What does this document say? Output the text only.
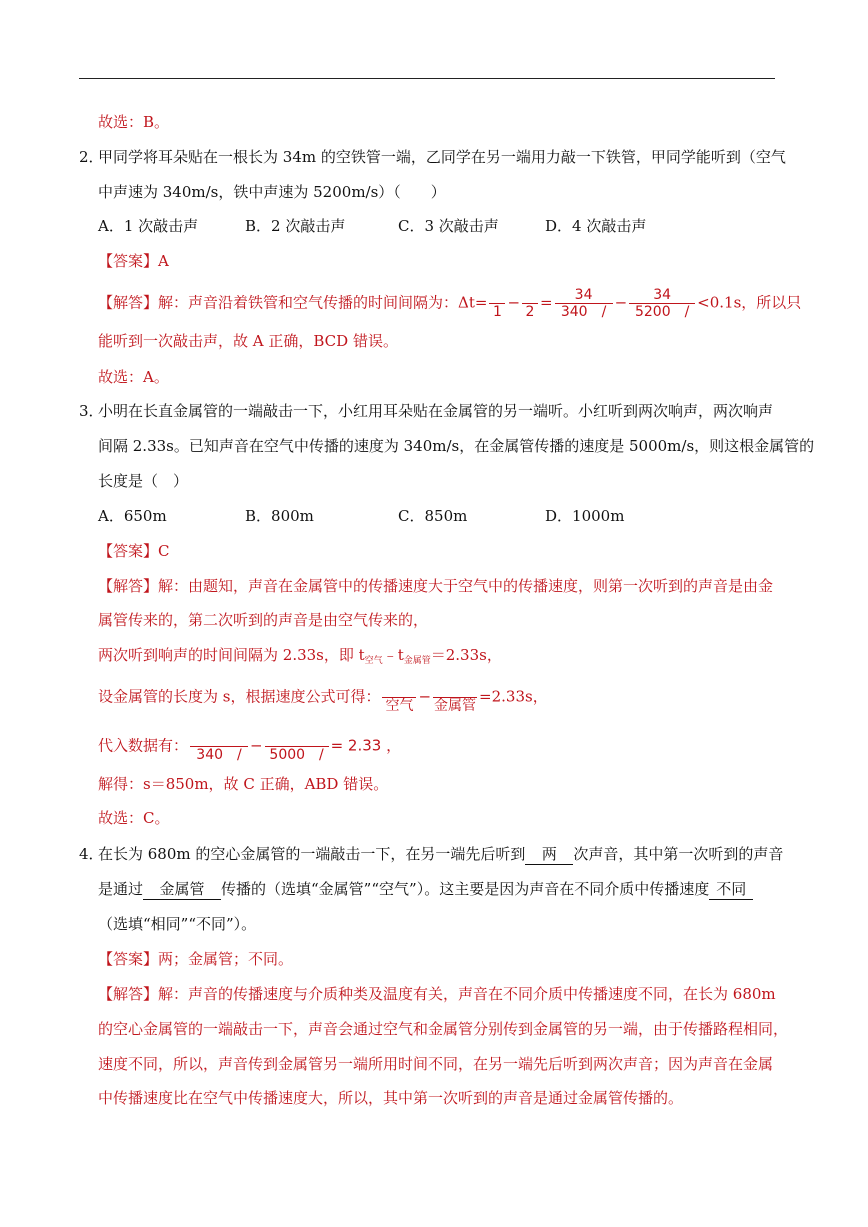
故选：B。
2．
甲同学将耳朵贴在一根长为 34m 的空铁管一端，乙同学在另一端用力敲一下铁管，甲同学能听到（空气
中声速为 340m/s，铁中声速为 5200m/s）（　　）
A．1 次敲击声	B．2 次敲击声	C．3 次敲击声	D．4 次敲击声
【答案】A
【解答】解：声音沿着铁管和空气传播的时间间隔为：Δt=

1
−

2
= $\frac{34}{340 /} - \frac{34}{5200 /} <0.1s$，所以只
能听到一次敲击声，故 A 正确，BCD 错误。
故选：A。
3．
小明在长直金属管的一端敲击一下，小红用耳朵贴在金属管的另一端听。小红听到两次响声，两次响声
间隔 2.33s。已知声音在空气中传播的速度为 340m/s，在金属管传播的速度是 5000m/s，则这根金属管的
长度是（　）
A．650m	B．800m	C．850m	D．1000m
【答案】C
【解答】解：由题知，声音在金属管中的传播速度大于空气中的传播速度，则第一次听到的声音是由金
属管传来的，第二次听到的声音是由空气传来的，
两次听到响声的时间间隔为 2.33s，即 $t_{空气}﹣t_{金属管}=2.33s$，
设金属管的长度为 s，根据速度公式可得：

空气
−

金属管
=2.33s，
代入数据有：

340　/
−

5000　/
= 2.33 ，
解得：s＝850m，故 C 正确，ABD 错误。
故选：C。
4．
在长为 680m 的空心金属管的一端敲击一下，在另一端先后听到 两 次声音，其中第一次听到的声音
是通过 金属管 传播的（选填“金属管”“空气”）。这主要是因为声音在不同介质中传播速度 不同
（选填“相同”“不同”）。
【答案】两；金属管；不同。
【解答】解：声音的传播速度与介质种类及温度有关，声音在不同介质中传播速度不同，在长为 680m
的空心金属管的一端敲击一下，声音会通过空气和金属管分别传到金属管的另一端，由于传播路程相同，
速度不同，所以，声音传到金属管另一端所用时间不同，在另一端先后听到两次声音；因为声音在金属
中传播速度比在空气中传播速度大，所以，其中第一次听到的声音是通过金属管传播的。
